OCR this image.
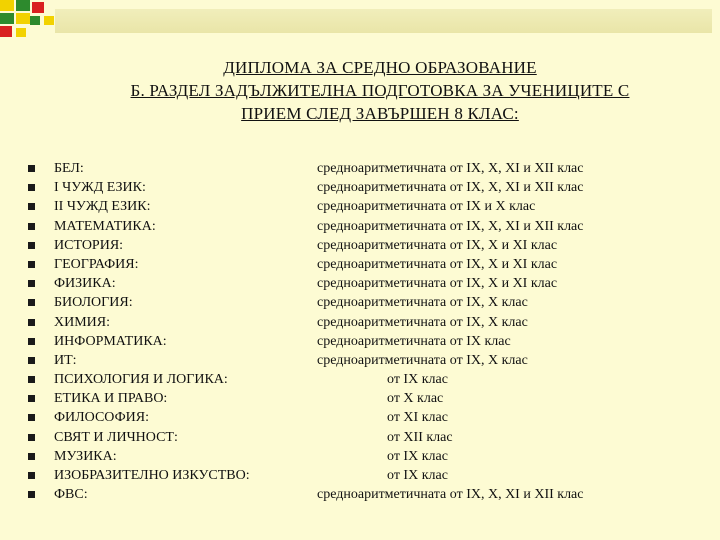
ДИПЛОМА ЗА СРЕДНО ОБРАЗОВАНИЕ
Б. РАЗДЕЛ ЗАДЪЛЖИТЕЛНА ПОДГОТОВКА ЗА УЧЕНИЦИТЕ С
ПРИЕМ СЛЕД ЗАВЪРШЕН 8 КЛАС:
БЕЛ:	средноаритметичната от IX, X, XI и XII клас
I ЧУЖД ЕЗИК:	средноаритметичната от IX, X, XI и XII клас
II ЧУЖД ЕЗИК:	средноаритметичната от IX и X клас
МАТЕМАТИКА:	средноаритметичната от IX, X, XI и XII клас
ИСТОРИЯ:	средноаритметичната от IX, X и XI клас
ГЕОГРАФИЯ:	средноаритметичната от IX, X и XI клас
ФИЗИКА:	средноаритметичната от IX, X и XI клас
БИОЛОГИЯ:	средноаритметичната от IX, X клас
ХИМИЯ:	средноаритметичната от IX, X клас
ИНФОРМАТИКА:	средноаритметичната от IX клас
ИТ:	средноаритметичната от IX, X клас
ПСИХОЛОГИЯ И ЛОГИКА:	от IX клас
ЕТИКА И ПРАВО:	от X клас
ФИЛОСОФИЯ:	от XI клас
СВЯТ И ЛИЧНОСТ:	от XII клас
МУЗИКА:	от IX клас
ИЗОБРАЗИТЕЛНО ИЗКУСТВО:	от IX клас
ФВС:	средноаритметичната от IX, X, XI и XII клас
